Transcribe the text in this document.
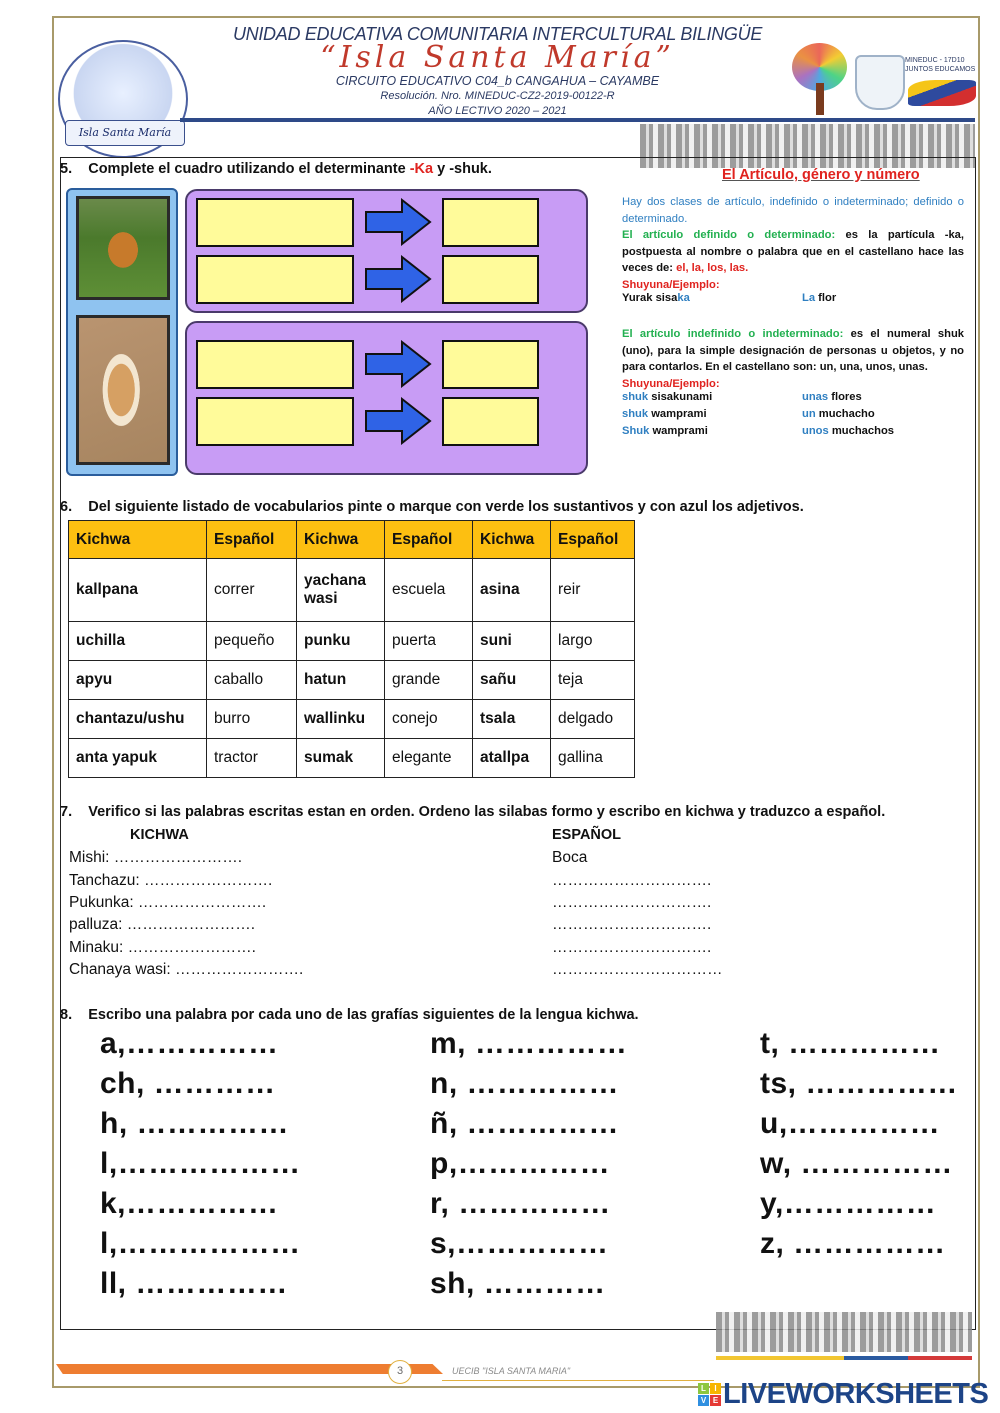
Isla Santa María
UNIDAD EDUCATIVA COMUNITARIA INTERCULTURAL BILINGÜE
“Isla Santa María”
CIRCUITO EDUCATIVO C04_b CANGAHUA – CAYAMBE
Resolución. Nro. MINEDUC-CZ2-2019-00122-R
AÑO LECTIVO 2020 – 2021
MINEDUC - 17D10
JUNTOS EDUCAMOS
5. Complete el cuadro utilizando el determinante -Ka y -shuk.	El Artículo, género y número
Hay dos clases de artículo, indefinido o indeterminado; definido o determinado.
El artículo definido o determinado: es la partícula -ka, postpuesta al nombre o palabra que en el castellano hace las veces de: el, la, los, las.
Shuyuna/Ejemplo:
Yurak sisaka	La flor
El artículo indefinido o indeterminado: es el numeral shuk (uno), para la simple designación de personas u objetos, y no para contarlos. En el castellano son: un, una, unos, unas.
Shuyuna/Ejemplo:
shuk sisakunami	unas flores
shuk wamprami	un muchacho
Shuk wamprami	unos muchachos
6. Del siguiente listado de vocabularios pinte o marque con verde los sustantivos y con azul los adjetivos.
Kichwa	Español	Kichwa	Español	Kichwa	Español
kallpana	correr	yachana wasi	escuela	asina	reir
uchilla	pequeño	punku	puerta	suni	largo
apyu	caballo	hatun	grande	sañu	teja
chantazu/ushu	burro	wallinku	conejo	tsala	delgado
anta yapuk	tractor	sumak	elegante	atallpa	gallina
7. Verifico si las palabras escritas estan en orden. Ordeno las silabas formo y escribo en kichwa y traduzco a español.
KICHWA	ESPAÑOL
Mishi: …………………….	Boca
Tanchazu: …………………….	………………………….
Pukunka: …………………….	………………………….
palluza: …………………….	………………………….
Minaku: …………………….	………………………….
Chanaya wasi: …………………….	……………………………
8. Escribo una palabra por cada uno de las grafías siguientes de la lengua kichwa.
a,……………
ch, …………
h, ……………
l,………………
k,……………
l,………………
ll, ……………
m, ……………
n, ……………
ñ, ……………
p,……………
r, ……………
s,……………
sh, …………
t, ……………
ts, ……………
u,……………
w, ……………
y,……………
z, ……………
3	UECIB "ISLA SANTA MARIA"
L	I
V E LIVEWORKSHEETS
